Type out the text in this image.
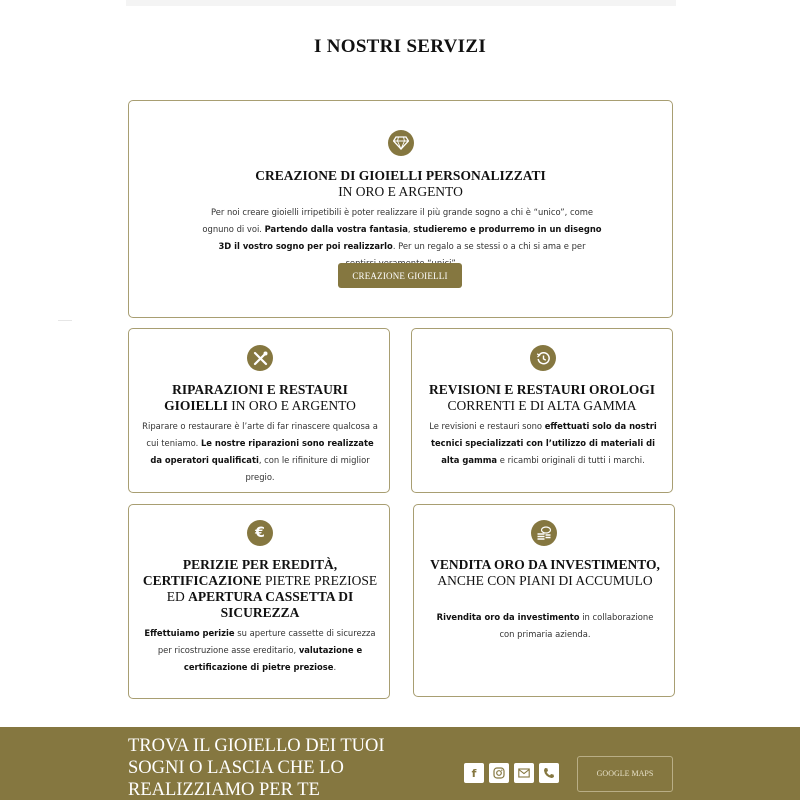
I NOSTRI SERVIZI
CREAZIONE DI GIOIELLI PERSONALIZZATI
IN ORO E ARGENTO
Per noi creare gioielli irripetibili è poter realizzare il più grande sogno a chi è “unico”, come ognuno di voi. Partendo dalla vostra fantasia, studieremo e produrremo in un disegno 3D il vostro sogno per poi realizzarlo. Per un regalo a se stessi o a chi si ama e per
CREAZIONE GIOIELLI
RIPARAZIONI E RESTAURI GIOIELLI IN ORO E ARGENTO
Riparare o restaurare è l’arte di far rinascere qualcosa a cui teniamo. Le nostre riparazioni sono realizzate da operatori qualificati, con le rifiniture di miglior pregio.
REVISIONI E RESTAURI OROLOGI
CORRENTI E DI ALTA GAMMA
Le revisioni e restauri sono effettuati solo da nostri tecnici specializzati con l’utilizzo di materiali di alta gamma e ricambi originali di tutti i marchi.
€
PERIZIE PER EREDITÀ, CERTIFICAZIONE PIETRE PREZIOSE ED APERTURA CASSETTA DI SICUREZZA
Effettuiamo perizie su aperture cassette di sicurezza per ricostruzione asse ereditario, valutazione e certificazione di pietre preziose.
VENDITA ORO DA INVESTIMENTO, ANCHE CON PIANI DI ACCUMULO
Rivendita oro da investimento in collaborazione con primaria azienda.
TROVA IL GIOIELLO DEI TUOI SOGNI O LASCIA CHE LO REALIZZIAMO PER TE
f	GOOGLE MAPS
